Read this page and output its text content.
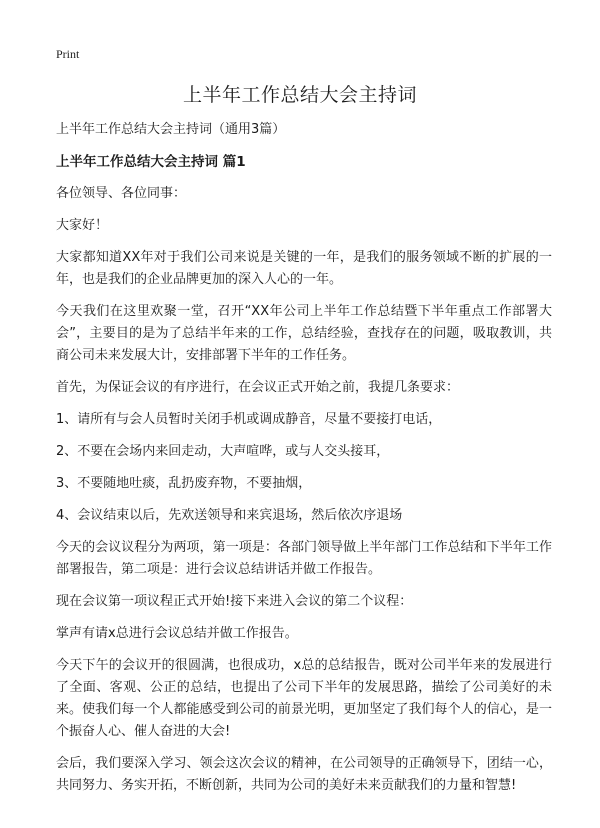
Print
上半年工作总结大会主持词

上半年工作总结大会主持词（通用3篇）

上半年工作总结大会主持词 篇1

各位领导、各位同事：

大家好！

大家都知道XX年对于我们公司来说是关键的一年，是我们的服务领域不断的扩展的一年，也是我们的企业品牌更加的深入人心的一年。

今天我们在这里欢聚一堂，召开“XX年公司上半年工作总结暨下半年重点工作部署大会”，主要目的是为了总结半年来的工作，总结经验，查找存在的问题，吸取教训，共商公司未来发展大计，安排部署下半年的工作任务。

首先，为保证会议的有序进行，在会议正式开始之前，我提几条要求：

1、请所有与会人员暂时关闭手机或调成静音，尽量不要接打电话，

2、不要在会场内来回走动，大声喧哗，或与人交头接耳，

3、不要随地吐痰，乱扔废弃物，不要抽烟，

4、会议结束以后，先欢送领导和来宾退场，然后依次序退场

今天的会议议程分为两项，第一项是：各部门领导做上半年部门工作总结和下半年工作部署报告，第二项是：进行会议总结讲话并做工作报告。

现在会议第一项议程正式开始!接下来进入会议的第二个议程：

掌声有请x总进行会议总结并做工作报告。

今天下午的会议开的很圆满，也很成功，x总的总结报告，既对公司半年来的发展进行了全面、客观、公正的总结，也提出了公司下半年的发展思路，描绘了公司美好的未来。使我们每一个人都能感受到公司的前景光明，更加坚定了我们每个人的信心，是一个振奋人心、催人奋进的大会!

会后，我们要深入学习、领会这次会议的精神，在公司领导的正确领导下，团结一心，共同努力、务实开拓，不断创新，共同为公司的美好未来贡献我们的力量和智慧!
